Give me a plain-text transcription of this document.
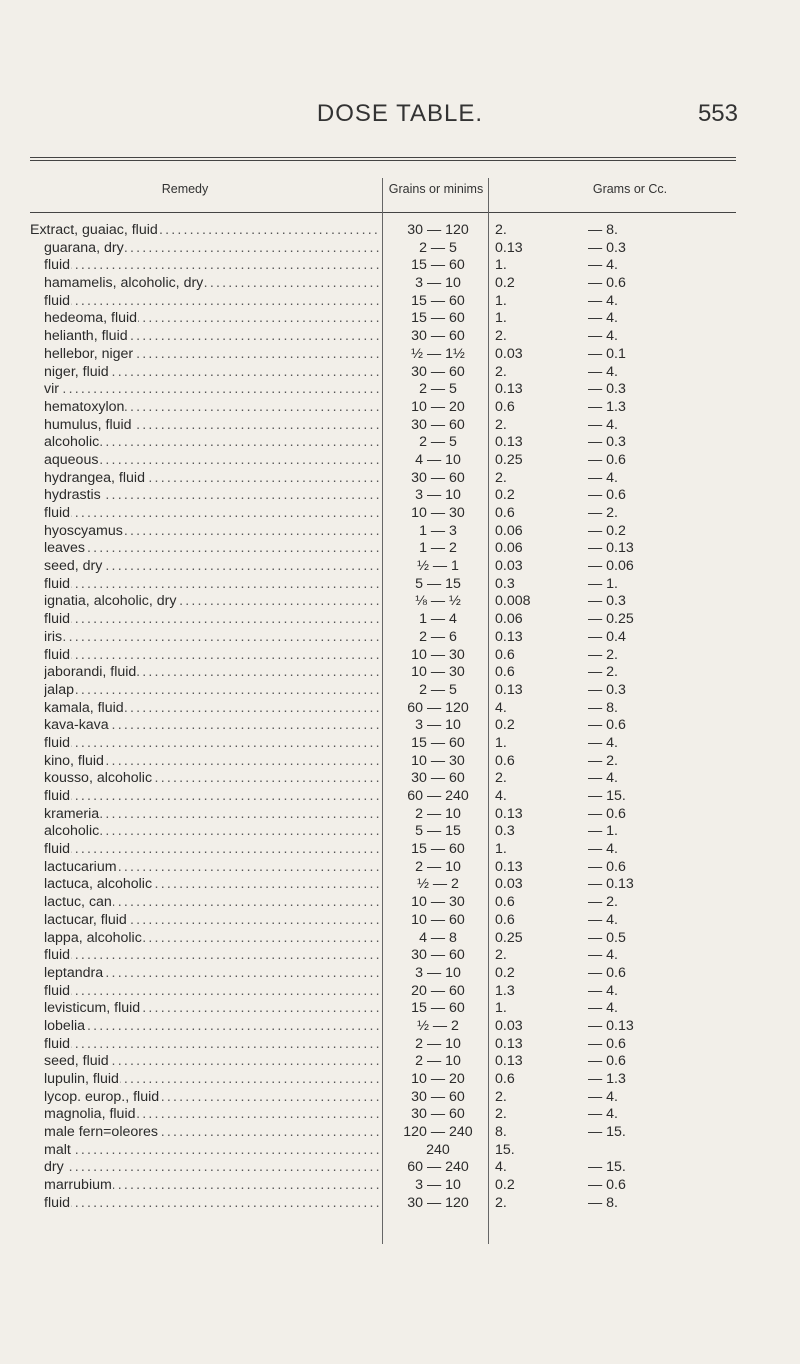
DOSE TABLE.	553
Remedy	Grains or minims	Grams or Cc.
Extract, guaiac, fluid .....	30 — 120	2.	— 8.
guarana, dry .....	2 — 5	0.13	— 0.3
fluid .....	15 — 60	1.	— 4.
hamamelis, alcoholic, dry .....	3 — 10	0.2	— 0.6
fluid .....	15 — 60	1.	— 4.
hedeoma, fluid .....	15 — 60	1.	— 4.
helianth, fluid .....	30 — 60	2.	— 4.
hellebor, niger .....	½ — 1½	0.03	— 0.1
niger, fluid .....	30 — 60	2.	— 4.
vir .....	2 — 5	0.13	— 0.3
hematoxylon .....	10 — 20	0.6	— 1.3
humulus, fluid .....	30 — 60	2.	— 4.
alcoholic .....	2 — 5	0.13	— 0.3
aqueous .....	4 — 10	0.25	— 0.6
hydrangea, fluid .....	30 — 60	2.	— 4.
hydrastis .....	3 — 10	0.2	— 0.6
fluid .....	10 — 30	0.6	— 2.
hyoscyamus .....	1 — 3	0.06	— 0.2
leaves .....	1 — 2	0.06	— 0.13
seed, dry .....	½ — 1	0.03	— 0.06
fluid .....	5 — 15	0.3	— 1.
ignatia, alcoholic, dry .....	⅛ — ½	0.008	— 0.3
fluid .....	1 — 4	0.06	— 0.25
iris .....	2 — 6	0.13	— 0.4
fluid .....	10 — 30	0.6	— 2.
jaborandi, fluid .....	10 — 30	0.6	— 2.
jalap .....	2 — 5	0.13	— 0.3
kamala, fluid .....	60 — 120	4.	— 8.
kava-kava .....	3 — 10	0.2	— 0.6
fluid .....	15 — 60	1.	— 4.
kino, fluid .....	10 — 30	0.6	— 2.
kousso, alcoholic .....	30 — 60	2.	— 4.
fluid .....	60 — 240	4.	— 15.
krameria .....	2 — 10	0.13	— 0.6
alcoholic .....	5 — 15	0.3	— 1.
fluid .....	15 — 60	1.	— 4.
lactucarium .....	2 — 10	0.13	— 0.6
lactuca, alcoholic .....	½ — 2	0.03	— 0.13
lactuc, can .....	10 — 30	0.6	— 2.
lactucar, fluid .....	10 — 60	0.6	— 4.
lappa, alcoholic .....	4 — 8	0.25	— 0.5
fluid .....	30 — 60	2.	— 4.
leptandra .....	3 — 10	0.2	— 0.6
fluid .....	20 — 60	1.3	— 4.
levisticum, fluid .....	15 — 60	1.	— 4.
lobelia .....	½ — 2	0.03	— 0.13
fluid .....	2 — 10	0.13	— 0.6
seed, fluid .....	2 — 10	0.13	— 0.6
lupulin, fluid .....	10 — 20	0.6	— 1.3
lycop. europ., fluid .....	30 — 60	2.	— 4.
magnolia, fluid .....	30 — 60	2.	— 4.
male fern=oleores .....	120 — 240	8.	— 15.
malt .....	240	15.
dry .....	60 — 240	4.	— 15.
marrubium .....	3 — 10	0.2	— 0.6
fluid .....	30 — 120	2.	— 8.
